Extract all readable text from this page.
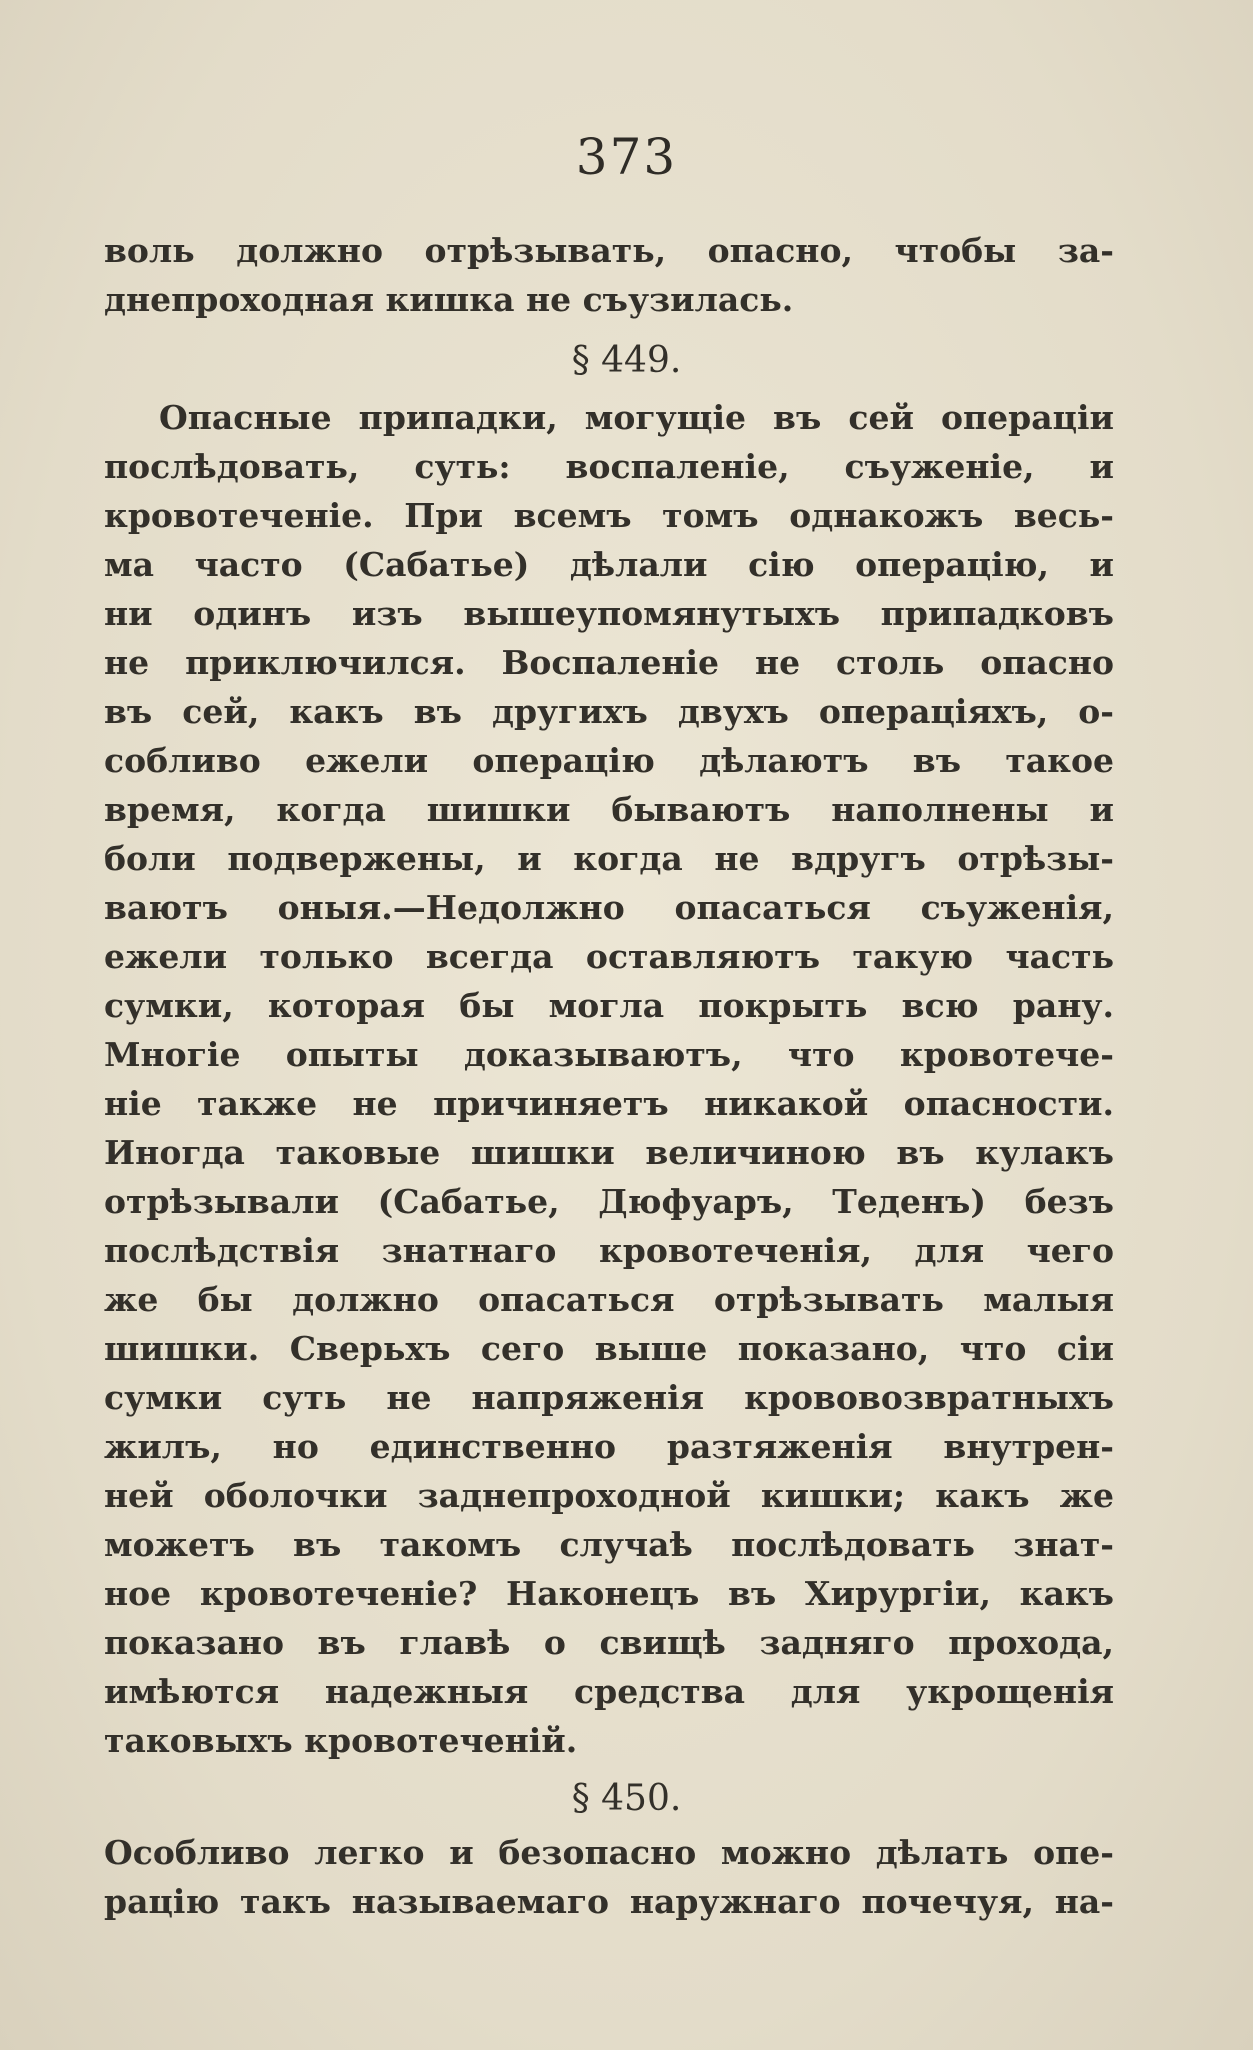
373
воль должно отрѣзывать, опасно, чтобы за-
днепроходная кишка не съузилась.
§ 449.
Опасные припадки, могущіе въ сей операціи
послѣдовать, суть: воспаленіе, съуженіе, и
кровотеченіе. При всемъ томъ однакожъ весь-
ма часто (Сабатье) дѣлали сію операцію, и
ни одинъ изъ вышеупомянутыхъ припадковъ
не приключился. Воспаленіе не столь опасно
въ сей, какъ въ другихъ двухъ операціяхъ, о-
собливо ежели операцію дѣлаютъ въ такое
время, когда шишки бываютъ наполнены и
боли подвержены, и когда не вдругъ отрѣзы-
ваютъ оныя.—Недолжно опасаться съуженія,
ежели только всегда оставляютъ такую часть
сумки, которая бы могла покрыть всю рану.
Многіе опыты доказываютъ, что кровотече-
ніе также не причиняетъ никакой опасности.
Иногда таковые шишки величиною въ кулакъ
отрѣзывали (Сабатье, Дюфуаръ, Теденъ) безъ
послѣдствія знатнаго кровотеченія, для чего
же бы должно опасаться отрѣзывать малыя
шишки. Сверьхъ сего выше показано, что сіи
сумки суть не напряженія крововозвратныхъ
жилъ, но единственно разтяженія внутрен-
ней оболочки заднепроходной кишки; какъ же
можетъ въ такомъ случаѣ послѣдовать знат-
ное кровотеченіе? Наконецъ въ Хирургіи, какъ
показано въ главѣ о свищѣ задняго прохода,
имѣются надежныя средства для укрощенія
таковыхъ кровотеченій.
§ 450.
Особливо легко и безопасно можно дѣлать опе-
рацію такъ называемаго наружнаго почечуя, на-
